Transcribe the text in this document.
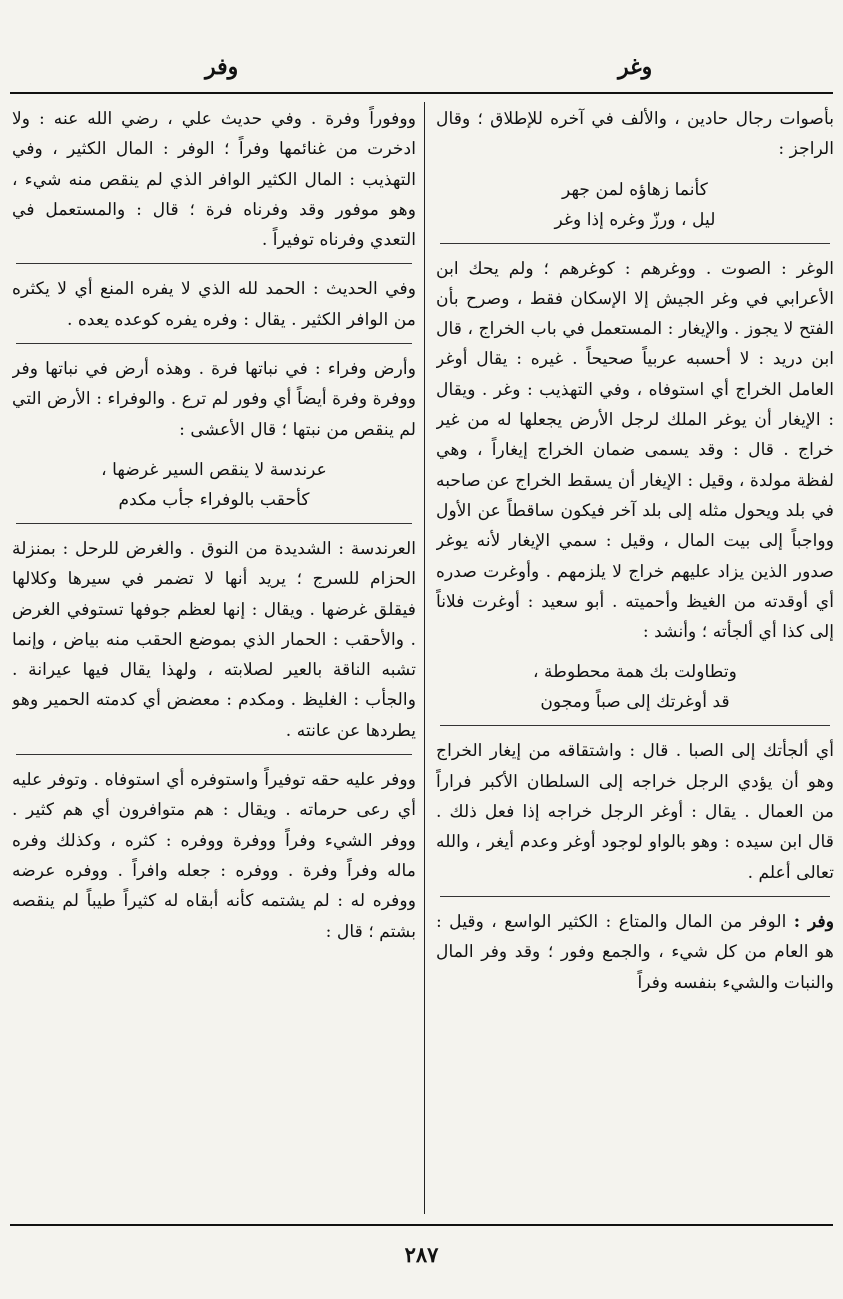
وفر	وغر

بأصوات رجال حادين ، والألف في آخره للإطلاق ؛ وقال الراجز :

كأنما زهاؤه لمن جهر
ليل ، ورزّ وغره إذا وغر

الوغر : الصوت . ووغرهم : كوغرهم ؛ ولم يحك ابن الأعرابي في وغر الجيش إلا الإسكان فقط ، وصرح بأن الفتح لا يجوز . والإيغار : المستعمل في باب الخراج ، قال ابن دريد : لا أحسبه عربياً صحيحاً . غيره : يقال أوغر العامل الخراج أي استوفاه ، وفي التهذيب : وغر . ويقال : الإيغار أن يوغر الملك لرجل الأرض يجعلها له من غير خراج . قال : وقد يسمى ضمان الخراج إيغاراً ، وهي لفظة مولدة ، وقيل : الإيغار أن يسقط الخراج عن صاحبه في بلد ويحول مثله إلى بلد آخر فيكون ساقطاً عن الأول وواجباً إلى بيت المال ، وقيل : سمي الإيغار لأنه يوغر صدور الذين يزاد عليهم خراج لا يلزمهم . وأوغرت صدره أي أوقدته من الغيظ وأحميته . أبو سعيد : أوغرت فلاناً إلى كذا أي ألجأته ؛ وأنشد :

وتطاولت بك همة محطوطة ،
قد أوغرتك إلى صباً ومجون

أي ألجأتك إلى الصبا . قال : واشتقاقه من إيغار الخراج وهو أن يؤدي الرجل خراجه إلى السلطان الأكبر فراراً من العمال . يقال : أوغر الرجل خراجه إذا فعل ذلك . قال ابن سيده : وهو بالواو لوجود أوغر وعدم أيغر ، والله تعالى أعلم .

وفر : الوفر من المال والمتاع : الكثير الواسع ، وقيل : هو العام من كل شيء ، والجمع وفور ؛ وقد وفر المال والنبات والشيء بنفسه وفراً

ووفوراً وفرة . وفي حديث علي ، رضي الله عنه : ولا ادخرت من غنائمها وفراً ؛ الوفر : المال الكثير ، وفي التهذيب : المال الكثير الوافر الذي لم ينقص منه شيء ، وهو موفور وقد وفرناه فرة ؛ قال : والمستعمل في التعدي وفرناه توفيراً .

وفي الحديث : الحمد لله الذي لا يفره المنع أي لا يكثره من الوافر الكثير . يقال : وفره يفره كوعده يعده .

وأرض وفراء : في نباتها فرة . وهذه أرض في نباتها وفر ووفرة وفرة أيضاً أي وفور لم ترع . والوفراء : الأرض التي لم ينقص من نبتها ؛ قال الأعشى :

عرندسة لا ينقص السير غرضها ،
كأحقب بالوفراء جأب مكدم

العرندسة : الشديدة من النوق . والغرض للرحل : بمنزلة الحزام للسرج ؛ يريد أنها لا تضمر في سيرها وكلالها فيقلق غرضها . ويقال : إنها لعظم جوفها تستوفي الغرض . والأحقب : الحمار الذي بموضع الحقب منه بياض ، وإنما تشبه الناقة بالعير لصلابته ، ولهذا يقال فيها عيرانة . والجأب : الغليظ . ومكدم : معضض أي كدمته الحمير وهو يطردها عن عانته .

ووفر عليه حقه توفيراً واستوفره أي استوفاه . وتوفر عليه أي رعى حرماته . ويقال : هم متوافرون أي هم كثير . ووفر الشيء وفراً ووفرة ووفره : كثره ، وكذلك وفره ماله وفراً وفرة . ووفره : جعله وافراً . ووفره عرضه ووفره له : لم يشتمه كأنه أبقاه له كثيراً طيباً لم ينقصه بشتم ؛ قال :

٢٨٧
